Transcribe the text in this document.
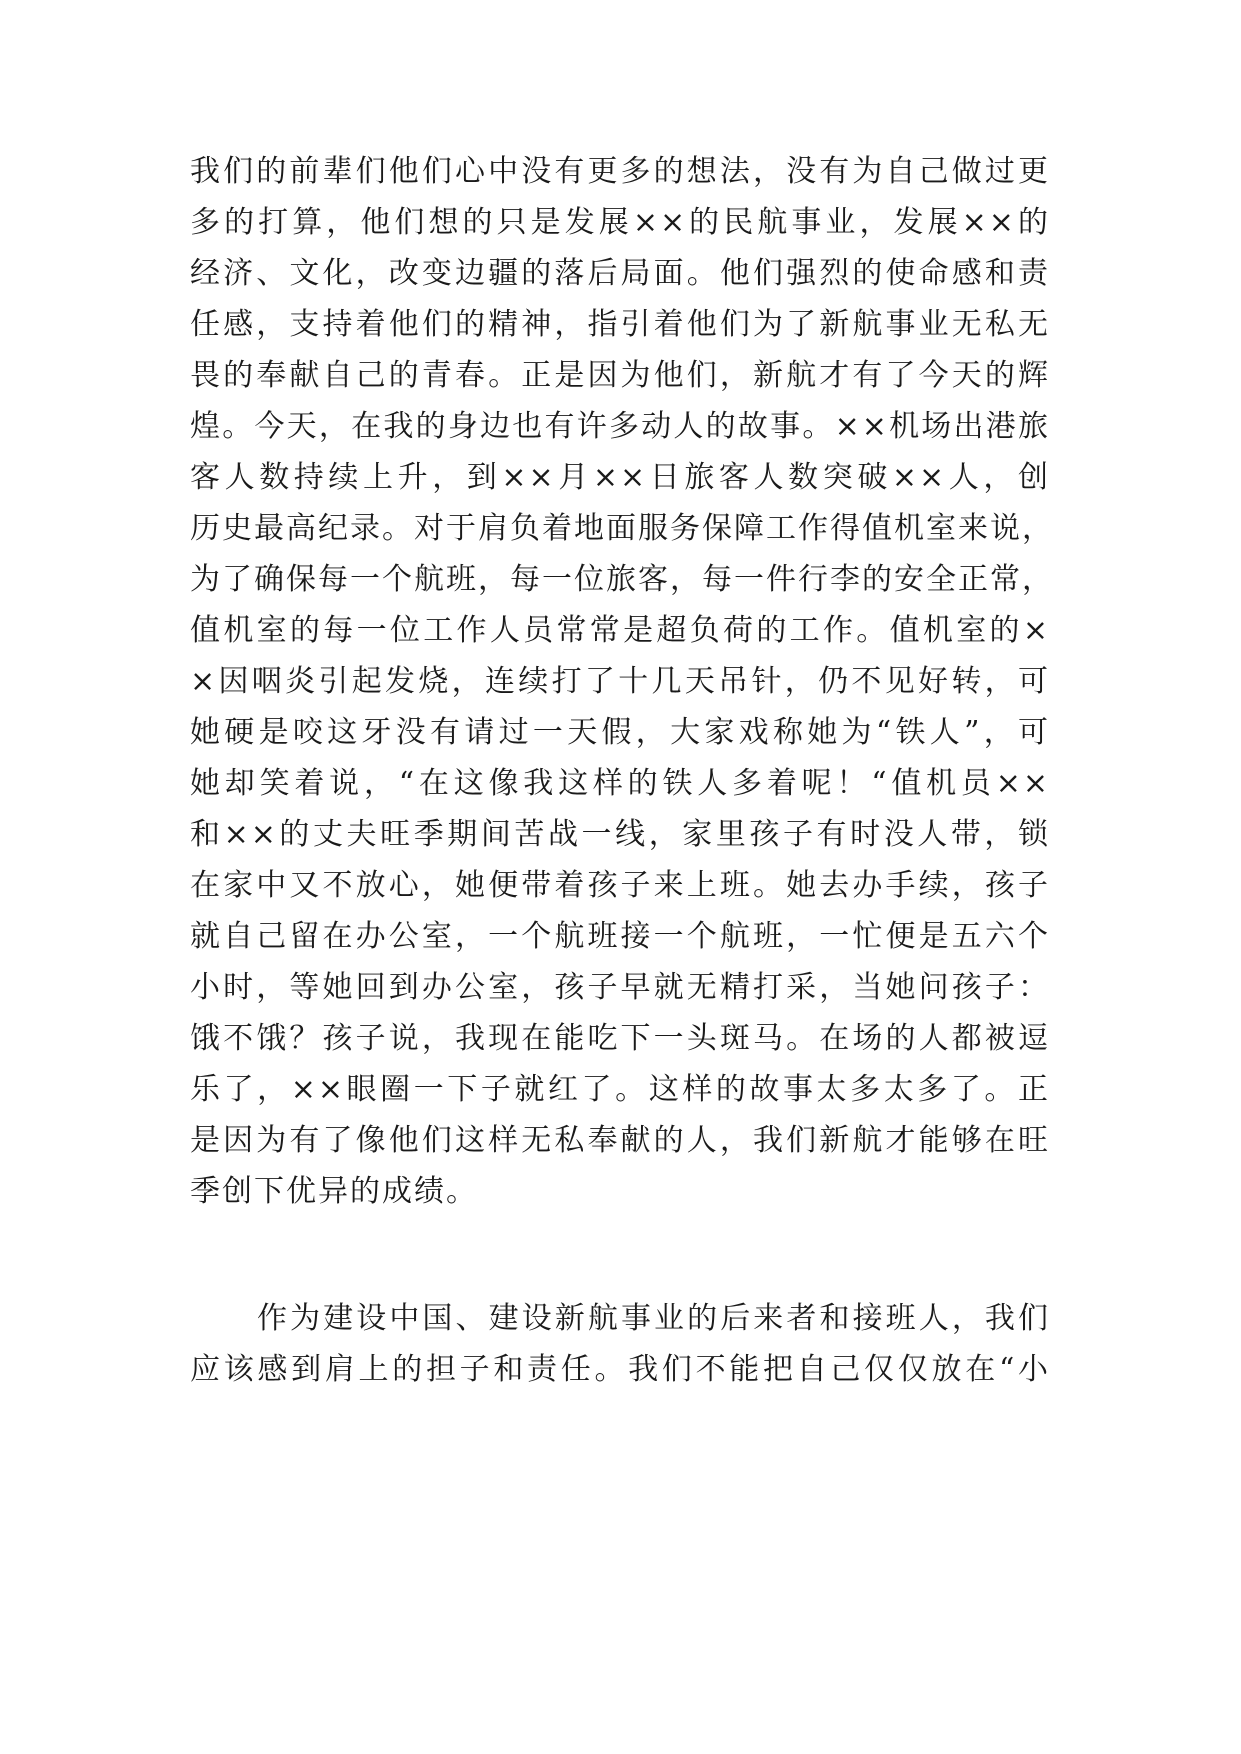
我们的前辈们他们心中没有更多的想法，没有为自己做过更
多的打算，他们想的只是发展××的民航事业，发展××的
经济、文化，改变边疆的落后局面。他们强烈的使命感和责
任感，支持着他们的精神，指引着他们为了新航事业无私无
畏的奉献自己的青春。正是因为他们，新航才有了今天的辉
煌。今天，在我的身边也有许多动人的故事。××机场出港旅
客人数持续上升，到××月××日旅客人数突破××人，创
历史最高纪录。对于肩负着地面服务保障工作得值机室来说，
为了确保每一个航班，每一位旅客，每一件行李的安全正常，
值机室的每一位工作人员常常是超负荷的工作。值机室的×
×因咽炎引起发烧，连续打了十几天吊针，仍不见好转，可
她硬是咬这牙没有请过一天假，大家戏称她为“铁人”，可
她却笑着说，“在这像我这样的铁人多着呢！“值机员××
和××的丈夫旺季期间苦战一线，家里孩子有时没人带，锁
在家中又不放心，她便带着孩子来上班。她去办手续，孩子
就自己留在办公室，一个航班接一个航班，一忙便是五六个
小时，等她回到办公室，孩子早就无精打采，当她问孩子：
饿不饿？孩子说，我现在能吃下一头斑马。在场的人都被逗
乐了，××眼圈一下子就红了。这样的故事太多太多了。正
是因为有了像他们这样无私奉献的人，我们新航才能够在旺
季创下优异的成绩。
作为建设中国、建设新航事业的后来者和接班人，我们
应该感到肩上的担子和责任。我们不能把自己仅仅放在“小
